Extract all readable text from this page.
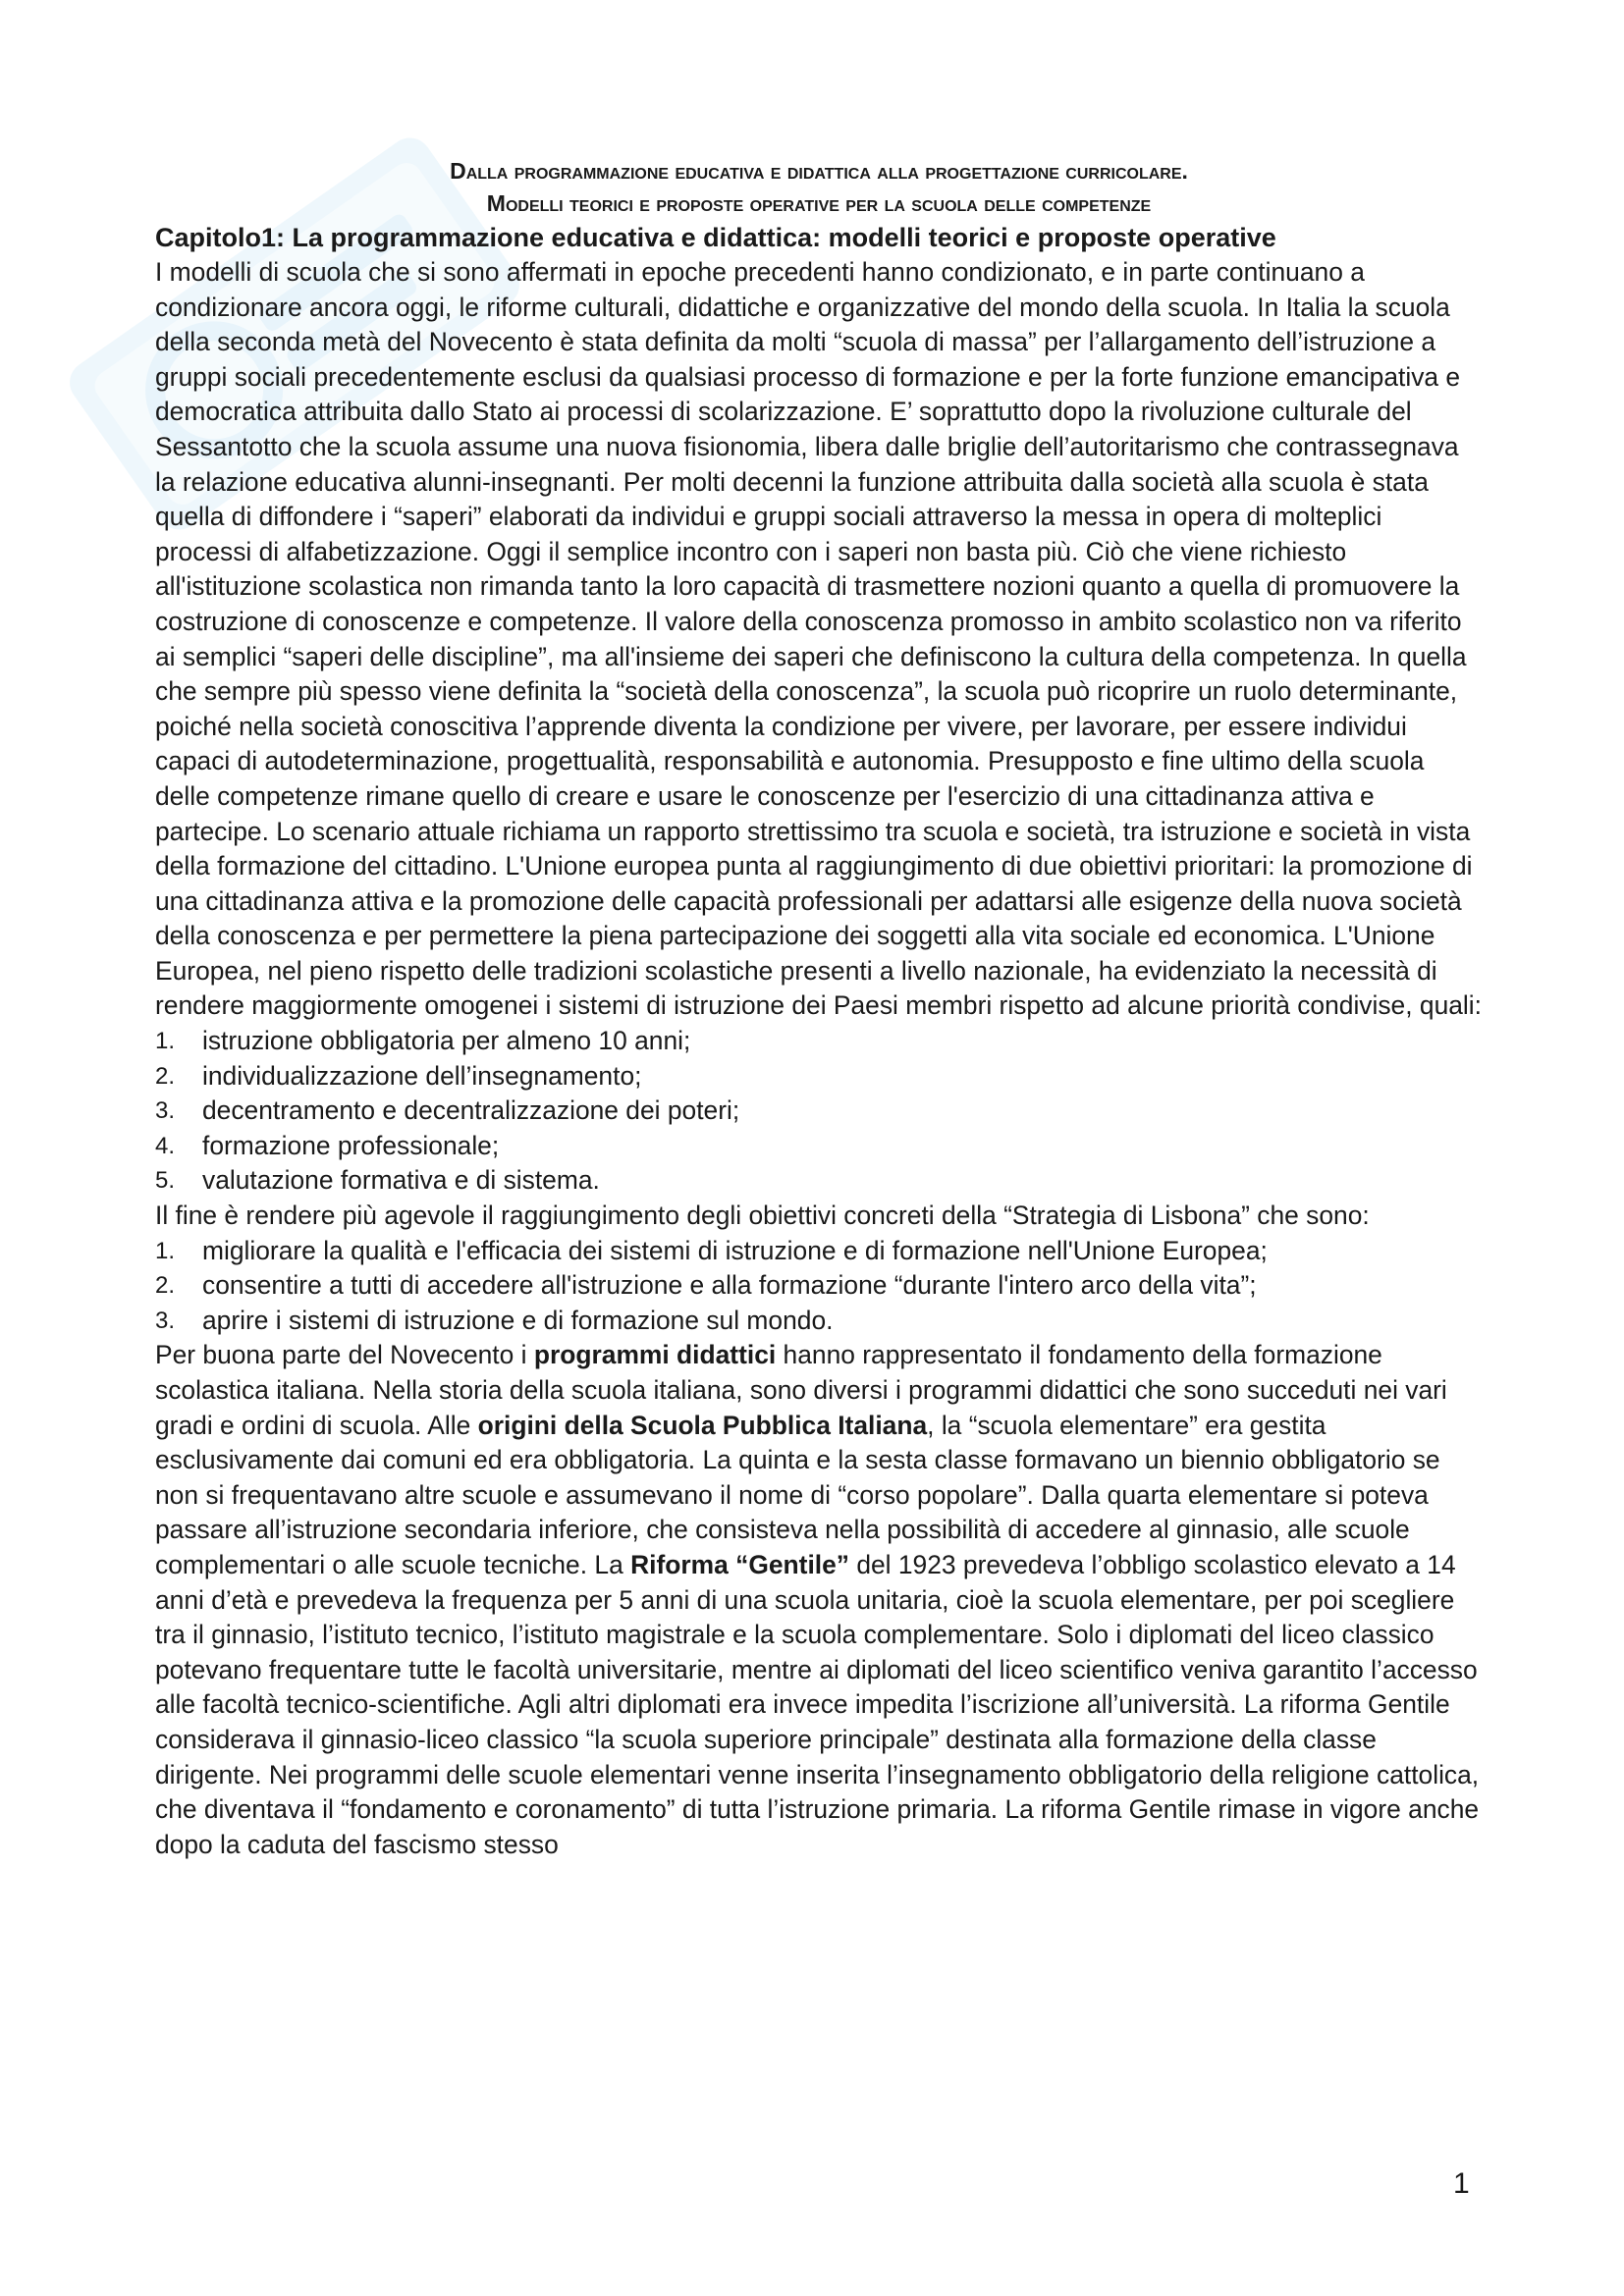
Dalla programmazione educativa e didattica alla progettazione curricolare.

Modelli teorici e proposte operative per la scuola delle competenze

Capitolo1: La programmazione educativa e didattica: modelli teorici e proposte operative

I modelli di scuola che si sono affermati in epoche precedenti hanno condizionato, e in parte continuano a condizionare ancora oggi, le riforme culturali, didattiche e organizzative del mondo della scuola. In Italia la scuola della seconda metà del Novecento è stata definita da molti “scuola di massa” per l’allargamento dell’istruzione a gruppi sociali precedentemente esclusi da qualsiasi processo di formazione e per la forte funzione emancipativa e democratica attribuita dallo Stato ai processi di scolarizzazione. E’ soprattutto dopo la rivoluzione culturale del Sessantotto che la scuola assume una nuova fisionomia, libera dalle briglie dell’autoritarismo che contrassegnava la relazione educativa alunni-insegnanti. Per molti decenni la funzione attribuita dalla società alla scuola è stata quella di diffondere i “saperi” elaborati da individui e gruppi sociali attraverso la messa in opera di molteplici processi di alfabetizzazione. Oggi il semplice incontro con i saperi non basta più. Ciò che viene richiesto all'istituzione scolastica non rimanda tanto la loro capacità di trasmettere nozioni quanto a quella di promuovere la costruzione di conoscenze e competenze. Il valore della conoscenza promosso in ambito scolastico non va riferito ai semplici “saperi delle discipline”, ma all'insieme dei saperi che definiscono la cultura della competenza. In quella che sempre più spesso viene definita la “società della conoscenza”, la scuola può ricoprire un ruolo determinante, poiché nella società conoscitiva l’apprende diventa la condizione per vivere, per lavorare, per essere individui capaci di autodeterminazione, progettualità, responsabilità e autonomia. Presupposto e fine ultimo della scuola delle competenze rimane quello di creare e usare le conoscenze per l'esercizio di una cittadinanza attiva e partecipe. Lo scenario attuale richiama un rapporto strettissimo tra scuola e società, tra istruzione e società in vista della formazione del cittadino. L'Unione europea punta al raggiungimento di due obiettivi prioritari: la promozione di una cittadinanza attiva e la promozione delle capacità professionali per adattarsi alle esigenze della nuova società della conoscenza e per permettere la piena partecipazione dei soggetti alla vita sociale ed economica. L'Unione Europea, nel pieno rispetto delle tradizioni scolastiche presenti a livello nazionale, ha evidenziato la necessità di rendere maggiormente omogenei i sistemi di istruzione dei Paesi membri rispetto ad alcune priorità condivise, quali:

1.	istruzione obbligatoria per almeno 10 anni;
2.	individualizzazione dell’insegnamento;
3.	decentramento e decentralizzazione dei poteri;
4.	formazione professionale;
5.	valutazione formativa e di sistema.

Il fine è rendere più agevole il raggiungimento degli obiettivi concreti della “Strategia di Lisbona” che sono:

1.	migliorare la qualità e l'efficacia dei sistemi di istruzione e di formazione nell'Unione Europea;
2.	consentire a tutti di accedere all'istruzione e alla formazione “durante l'intero arco della vita”;
3.	aprire i sistemi di istruzione e di formazione sul mondo.

Per buona parte del Novecento i programmi didattici hanno rappresentato il fondamento della formazione scolastica italiana. Nella storia della scuola italiana, sono diversi i programmi didattici che sono succeduti nei vari gradi e ordini di scuola. Alle origini della Scuola Pubblica Italiana, la “scuola elementare” era gestita esclusivamente dai comuni ed era obbligatoria. La quinta e la sesta classe formavano un biennio obbligatorio se non si frequentavano altre scuole e assumevano il nome di “corso popolare”. Dalla quarta elementare si poteva passare all’istruzione secondaria inferiore, che consisteva nella possibilità di accedere al ginnasio, alle scuole complementari o alle scuole tecniche. La Riforma “Gentile” del 1923 prevedeva l’obbligo scolastico elevato a 14 anni d’età e prevedeva la frequenza per 5 anni di una scuola unitaria, cioè la scuola elementare, per poi scegliere tra il ginnasio, l’istituto tecnico, l’istituto magistrale e la scuola complementare. Solo i diplomati del liceo classico potevano frequentare tutte le facoltà universitarie, mentre ai diplomati del liceo scientifico veniva garantito l’accesso alle facoltà tecnico-scientifiche. Agli altri diplomati era invece impedita l’iscrizione all’università. La riforma Gentile considerava il ginnasio-liceo classico “la scuola superiore principale” destinata alla formazione della classe dirigente. Nei programmi delle scuole elementari venne inserita l’insegnamento obbligatorio della religione cattolica, che diventava il “fondamento e coronamento” di tutta l’istruzione primaria. La riforma Gentile rimase in vigore anche dopo la caduta del fascismo stesso

1
